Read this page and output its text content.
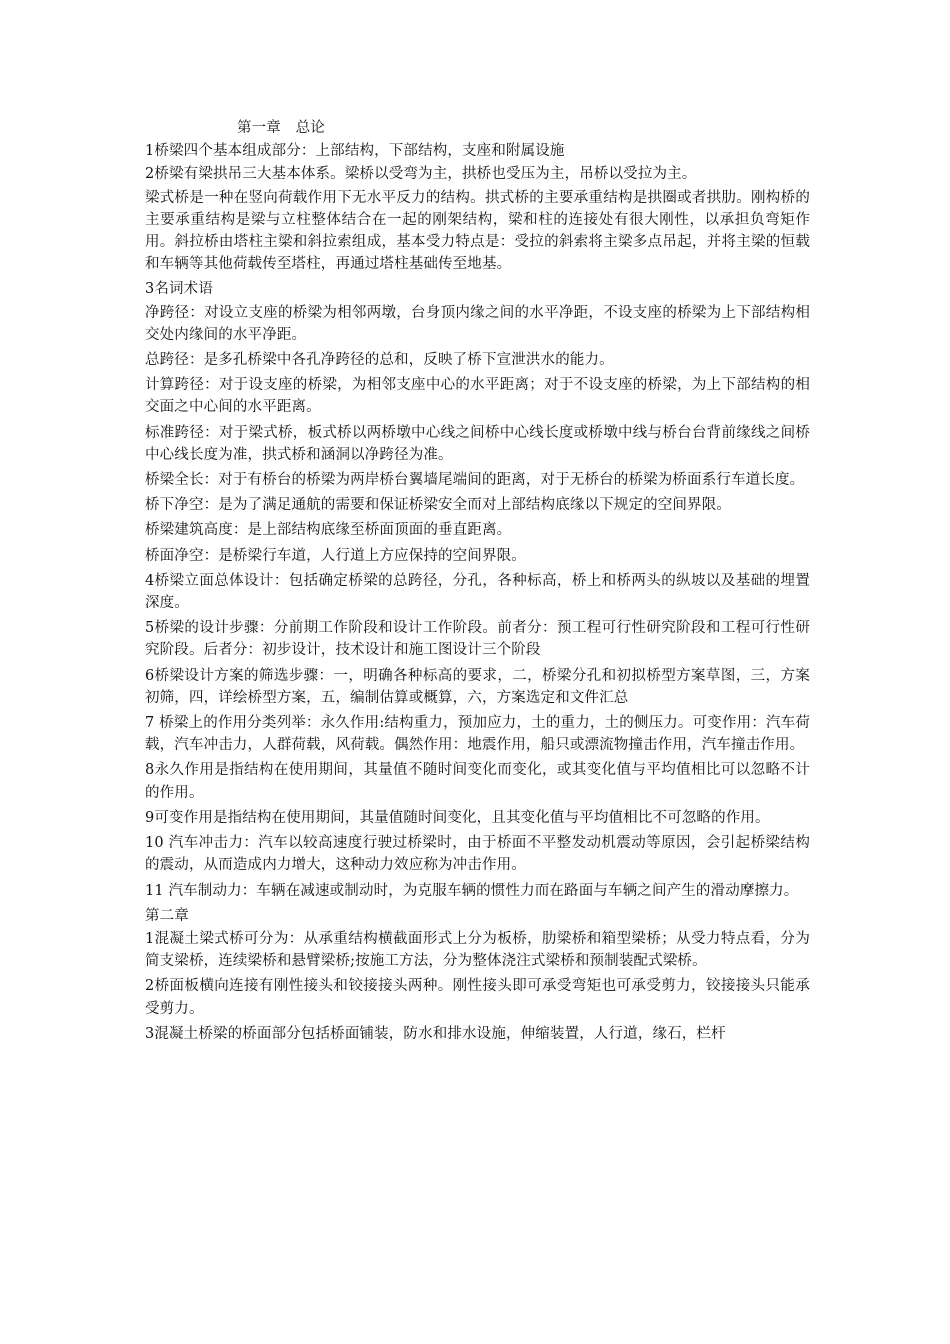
第一章　总论

1桥梁四个基本组成部分：上部结构，下部结构，支座和附属设施

2桥梁有梁拱吊三大基本体系。梁桥以受弯为主，拱桥也受压为主，吊桥以受拉为主。

梁式桥是一种在竖向荷载作用下无水平反力的结构。拱式桥的主要承重结构是拱圈或者拱肋。刚构桥的主要承重结构是梁与立柱整体结合在一起的刚架结构，梁和柱的连接处有很大刚性，以承担负弯矩作用。斜拉桥由塔柱主梁和斜拉索组成，基本受力特点是：受拉的斜索将主梁多点吊起，并将主梁的恒载和车辆等其他荷载传至塔柱，再通过塔柱基础传至地基。

3名词术语

净跨径：对设立支座的桥梁为相邻两墩，台身顶内缘之间的水平净距，不设支座的桥梁为上下部结构相交处内缘间的水平净距。

总跨径：是多孔桥梁中各孔净跨径的总和，反映了桥下宣泄洪水的能力。

计算跨径：对于设支座的桥梁，为相邻支座中心的水平距离；对于不设支座的桥梁，为上下部结构的相交面之中心间的水平距离。

标准跨径：对于梁式桥，板式桥以两桥墩中心线之间桥中心线长度或桥墩中线与桥台台背前缘线之间桥中心线长度为准，拱式桥和涵洞以净跨径为准。

桥梁全长：对于有桥台的桥梁为两岸桥台翼墙尾端间的距离，对于无桥台的桥梁为桥面系行车道长度。

桥下净空：是为了满足通航的需要和保证桥梁安全而对上部结构底缘以下规定的空间界限。

桥梁建筑高度：是上部结构底缘至桥面顶面的垂直距离。

桥面净空：是桥梁行车道，人行道上方应保持的空间界限。

4桥梁立面总体设计：包括确定桥梁的总跨径，分孔，各种标高，桥上和桥两头的纵坡以及基础的埋置深度。

5桥梁的设计步骤：分前期工作阶段和设计工作阶段。前者分：预工程可行性研究阶段和工程可行性研究阶段。后者分：初步设计，技术设计和施工图设计三个阶段

6桥梁设计方案的筛选步骤：一，明确各种标高的要求，二，桥梁分孔和初拟桥型方案草图，三，方案初筛，四，详绘桥型方案，五，编制估算或概算，六，方案选定和文件汇总

7 桥梁上的作用分类列举：永久作用:结构重力，预加应力，土的重力，土的侧压力。可变作用：汽车荷载，汽车冲击力，人群荷载，风荷载。偶然作用：地震作用，船只或漂流物撞击作用，汽车撞击作用。

8永久作用是指结构在使用期间，其量值不随时间变化而变化，或其变化值与平均值相比可以忽略不计的作用。

9可变作用是指结构在使用期间，其量值随时间变化，且其变化值与平均值相比不可忽略的作用。

10 汽车冲击力：汽车以较高速度行驶过桥梁时，由于桥面不平整发动机震动等原因，会引起桥梁结构的震动，从而造成内力增大，这种动力效应称为冲击作用。

11 汽车制动力：车辆在减速或制动时，为克服车辆的惯性力而在路面与车辆之间产生的滑动摩擦力。

第二章

1混凝土梁式桥可分为：从承重结构横截面形式上分为板桥，肋梁桥和箱型梁桥；从受力特点看，分为简支梁桥，连续梁桥和悬臂梁桥;按施工方法，分为整体浇注式梁桥和预制装配式梁桥。

2桥面板横向连接有刚性接头和铰接接头两种。刚性接头即可承受弯矩也可承受剪力，铰接接头只能承受剪力。

3混凝土桥梁的桥面部分包括桥面铺装，防水和排水设施，伸缩装置，人行道，缘石，栏杆
